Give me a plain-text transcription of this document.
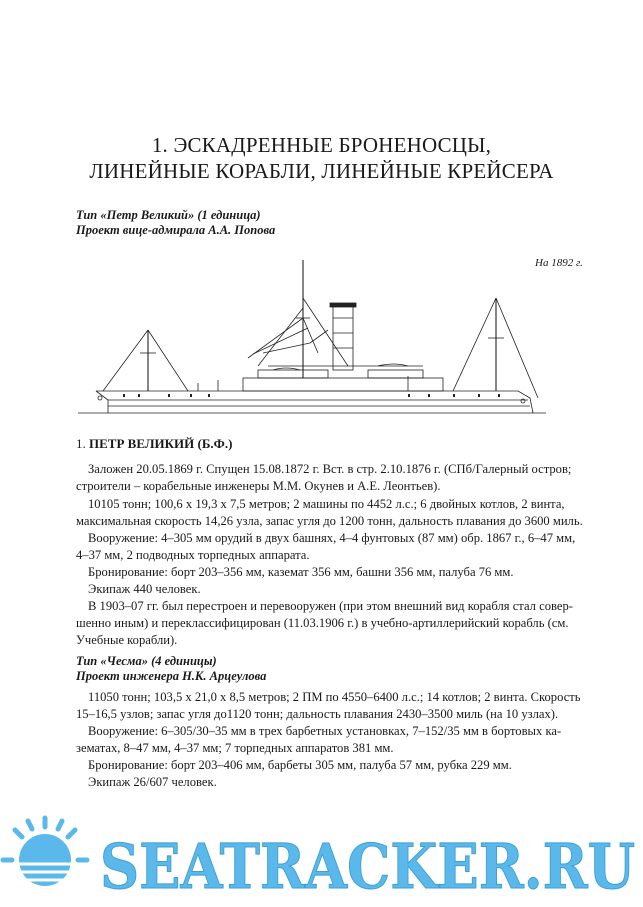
1. ЭСКАДРЕННЫЕ БРОНЕНОСЦЫ,
ЛИНЕЙНЫЕ КОРАБЛИ, ЛИНЕЙНЫЕ КРЕЙСЕРА
Тип «Петр Великий» (1 единица)
Проект вице-адмирала А.А. Попова
На 1892 г.
1. ПЕТР ВЕЛИКИЙ (Б.Ф.)

Заложен 20.05.1869 г. Спущен 15.08.1872 г. Вст. в стр. 2.10.1876 г. (СПб/Галерный остров;
строители – корабельные инженеры М.М. Окунев и А.Е. Леонтьев).

10105 тонн; 100,6 х 19,3 х 7,5 метров; 2 машины по 4452 л.с.; 6 двойных котлов, 2 винта,
максимальная скорость 14,26 узла, запас угля до 1200 тонн, дальность плавания до 3600 миль.

Вооружение: 4–305 мм орудий в двух башнях, 4–4 фунтовых (87 мм) обр. 1867 г., 6–47 мм,
4–37 мм, 2 подводных торпедных аппарата.

Бронирование: борт 203–356 мм, каземат 356 мм, башни 356 мм, палуба 76 мм.

Экипаж 440 человек.

В 1903–07 гг. был перестроен и перевооружен (при этом внешний вид корабля стал совер-
шенно иным) и переклассифицирован (11.03.1906 г.) в учебно-артиллерийский корабль (см.
Учебные корабли).

Тип «Чесма» (4 единицы)
Проект инженера Н.К. Арцеулова

11050 тонн; 103,5 х 21,0 х 8,5 метров; 2 ПМ по 4550–6400 л.с.; 14 котлов; 2 винта. Скорость
15–16,5 узлов; запас угля до1120 тонн; дальность плавания 2430–3500 миль (на 10 узлах).

Вооружение: 6–305/30–35 мм в трех барбетных установках, 7–152/35 мм в бортовых ка-
зематах, 8–47 мм, 4–37 мм; 7 торпедных аппаратов 381 мм.

Бронирование: борт 203–406 мм, барбеты 305 мм, палуба 57 мм, рубка 229 мм.

Экипаж 26/607 человек.

SEATRACKER.RU
